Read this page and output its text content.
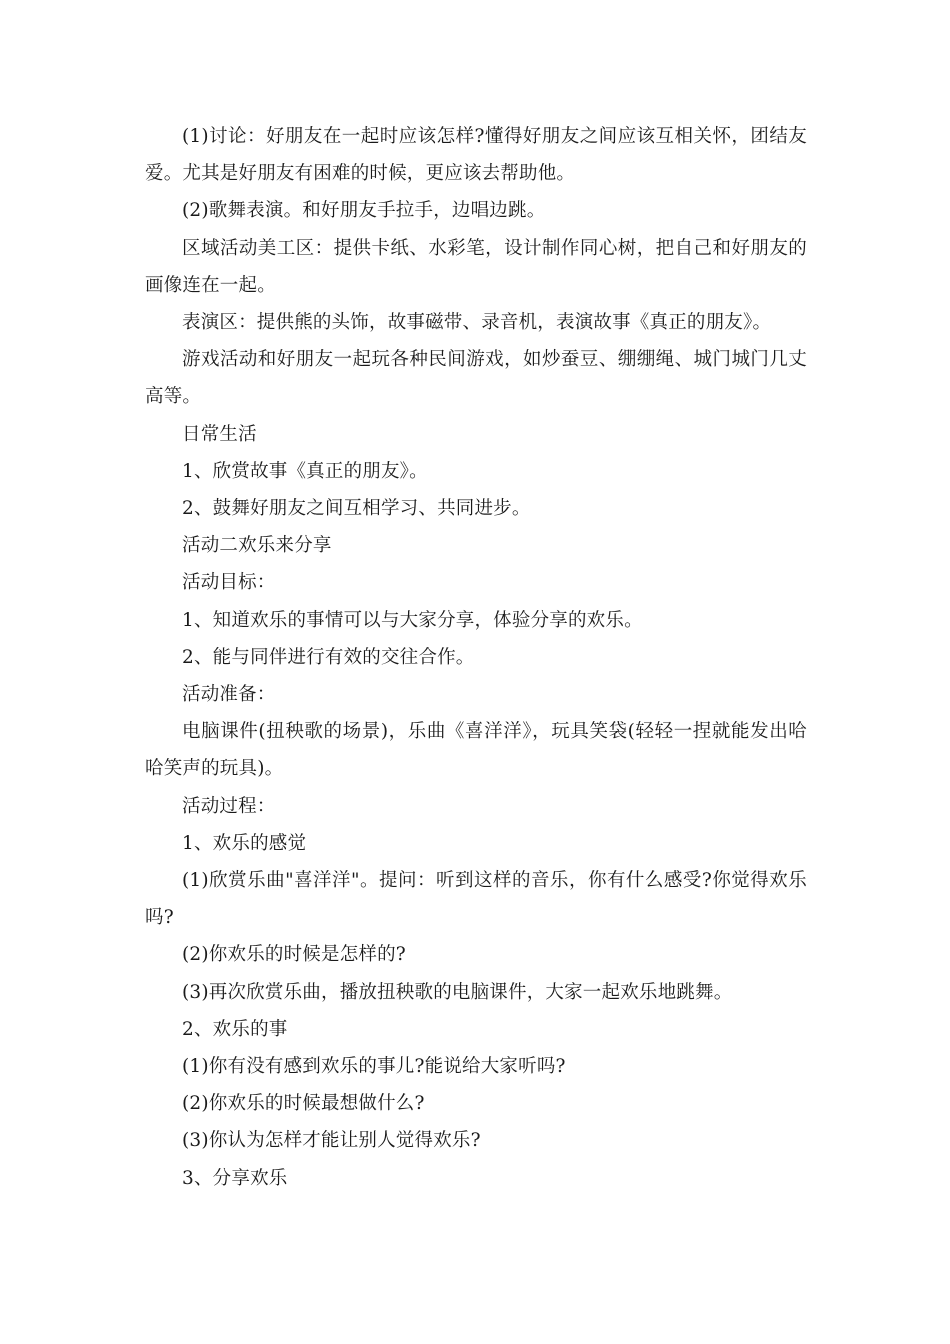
(1)讨论：好朋友在一起时应该怎样?懂得好朋友之间应该互相关怀，团结友爱。尤其是好朋友有困难的时候，更应该去帮助他。

(2)歌舞表演。和好朋友手拉手，边唱边跳。

区域活动美工区：提供卡纸、水彩笔，设计制作同心树，把自己和好朋友的画像连在一起。

表演区：提供熊的头饰，故事磁带、录音机，表演故事《真正的朋友》。

游戏活动和好朋友一起玩各种民间游戏，如炒蚕豆、绷绷绳、城门城门几丈高等。

日常生活

1、欣赏故事《真正的朋友》。

2、鼓舞好朋友之间互相学习、共同进步。

活动二欢乐来分享

活动目标：

1、知道欢乐的事情可以与大家分享，体验分享的欢乐。

2、能与同伴进行有效的交往合作。

活动准备：

电脑课件(扭秧歌的场景)，乐曲《喜洋洋》，玩具笑袋(轻轻一捏就能发出哈哈笑声的玩具)。

活动过程：

1、欢乐的感觉

(1)欣赏乐曲"喜洋洋"。提问：听到这样的音乐，你有什么感受?你觉得欢乐吗?

(2)你欢乐的时候是怎样的?

(3)再次欣赏乐曲，播放扭秧歌的电脑课件，大家一起欢乐地跳舞。

2、欢乐的事

(1)你有没有感到欢乐的事儿?能说给大家听吗?

(2)你欢乐的时候最想做什么?

(3)你认为怎样才能让别人觉得欢乐?

3、分享欢乐
